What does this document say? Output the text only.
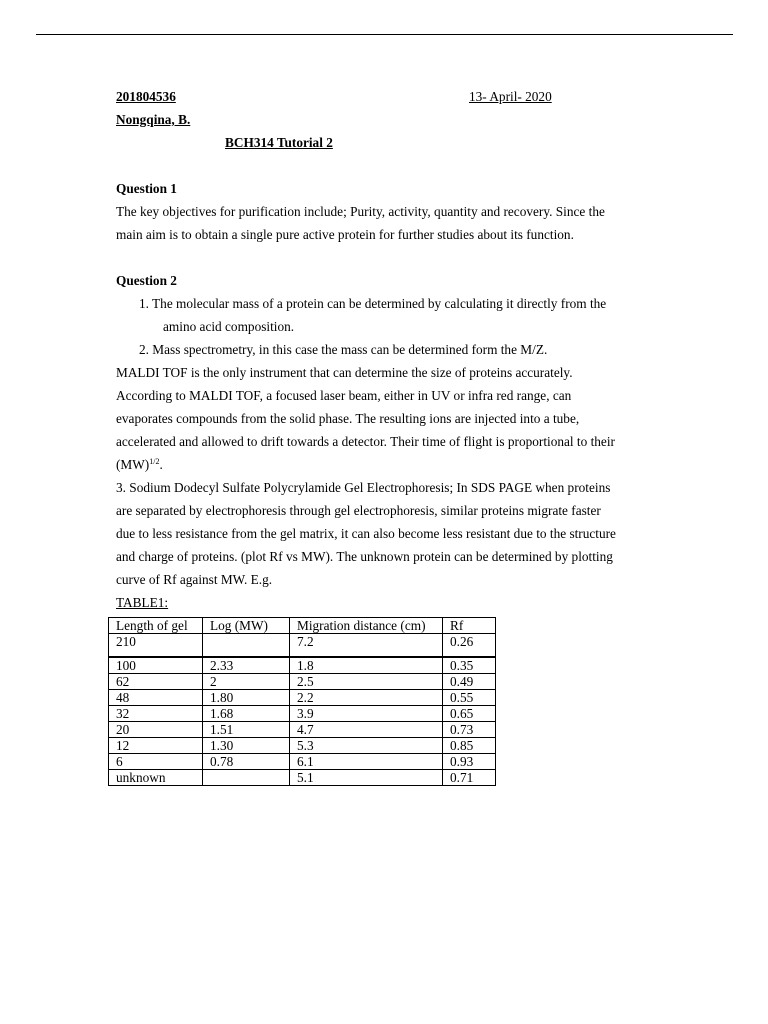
201804536	13- April- 2020
Nongqina, B.
BCH314 Tutorial 2
Question 1
The key objectives for purification include; Purity, activity, quantity and recovery. Since the
main aim is to obtain a single pure active protein for further studies about its function.
Question 2
1. The molecular mass of a protein can be determined by calculating it directly from the
amino acid composition.
2. Mass spectrometry, in this case the mass can be determined form the M/Z.
MALDI TOF is the only instrument that can determine the size of proteins accurately.
According to MALDI TOF, a focused laser beam, either in UV or infra red range, can
evaporates compounds from the solid phase. The resulting ions are injected into a tube,
accelerated and allowed to drift towards a detector. Their time of flight is proportional to their
(MW)$^{1/2}$.
3. Sodium Dodecyl Sulfate Polycrylamide Gel Electrophoresis; In SDS PAGE when proteins
are separated by electrophoresis through gel electrophoresis, similar proteins migrate faster
due to less resistance from the gel matrix, it can also become less resistant due to the structure
and charge of proteins. (plot Rf vs MW). The unknown protein can be determined by plotting
curve of Rf against MW. E.g.
TABLE1:
Length of gel	Log (MW)	Migration distance (cm)	Rf
210		7.2	0.26
100	2.33	1.8	0.35
62	2	2.5	0.49
48	1.80	2.2	0.55
32	1.68	3.9	0.65
20	1.51	4.7	0.73
12	1.30	5.3	0.85
6	0.78	6.1	0.93
unknown		5.1	0.71
